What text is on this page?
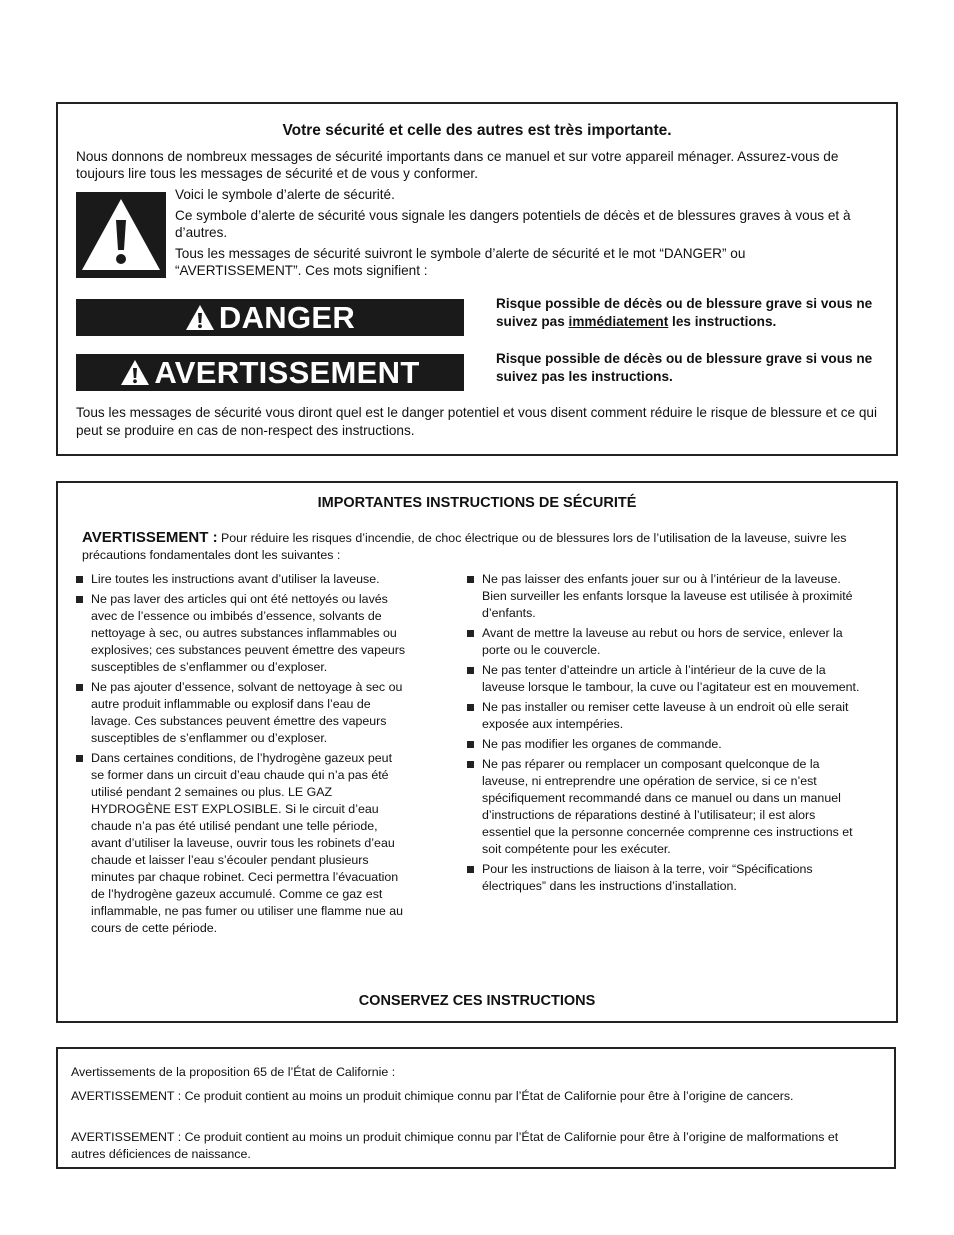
Votre sécurité et celle des autres est très importante.
Nous donnons de nombreux messages de sécurité importants dans ce manuel et sur votre appareil ménager. Assurez-vous de toujours lire tous les messages de sécurité et de vous y conformer.
Voici le symbole d’alerte de sécurité.
Ce symbole d’alerte de sécurité vous signale les dangers potentiels de décès et de blessures graves à vous et à d’autres.
Tous les messages de sécurité suivront le symbole d’alerte de sécurité et le mot “DANGER” ou “AVERTISSEMENT”. Ces mots signifient :
DANGER	Risque possible de décès ou de blessure grave si vous ne suivez pas immédiatement les instructions.
AVERTISSEMENT	Risque possible de décès ou de blessure grave si vous ne suivez pas les instructions.
Tous les messages de sécurité vous diront quel est le danger potentiel et vous disent comment réduire le risque de blessure et ce qui peut se produire en cas de non-respect des instructions.
IMPORTANTES INSTRUCTIONS DE SÉCURITÉ
AVERTISSEMENT : Pour réduire les risques d’incendie, de choc électrique ou de blessures lors de l’utilisation de la laveuse, suivre les précautions fondamentales dont les suivantes :
Lire toutes les instructions avant d’utiliser la laveuse.
Ne pas laver des articles qui ont été nettoyés ou lavés avec de l’essence ou imbibés d’essence, solvants de nettoyage à sec, ou autres substances inflammables ou explosives; ces substances peuvent émettre des vapeurs susceptibles de s’enflammer ou d’exploser.
Ne pas ajouter d’essence, solvant de nettoyage à sec ou autre produit inflammable ou explosif dans l’eau de lavage. Ces substances peuvent émettre des vapeurs susceptibles de s’enflammer ou d’exploser.
Dans certaines conditions, de l’hydrogène gazeux peut se former dans un circuit d’eau chaude qui n’a pas été utilisé pendant 2 semaines ou plus. LE GAZ HYDROGÈNE EST EXPLOSIBLE. Si le circuit d’eau chaude n’a pas été utilisé pendant une telle période, avant d’utiliser la laveuse, ouvrir tous les robinets d’eau chaude et laisser l’eau s’écouler pendant plusieurs minutes par chaque robinet. Ceci permettra l’évacuation de l’hydrogène gazeux accumulé. Comme ce gaz est inflammable, ne pas fumer ou utiliser une flamme nue au cours de cette période.
Ne pas laisser des enfants jouer sur ou à l’intérieur de la laveuse. Bien surveiller les enfants lorsque la laveuse est utilisée à proximité d’enfants.
Avant de mettre la laveuse au rebut ou hors de service, enlever la porte ou le couvercle.
Ne pas tenter d’atteindre un article à l’intérieur de la cuve de la laveuse lorsque le tambour, la cuve ou l’agitateur est en mouvement.
Ne pas installer ou remiser cette laveuse à un endroit où elle serait exposée aux intempéries.
Ne pas modifier les organes de commande.
Ne pas réparer ou remplacer un composant quelconque de la laveuse, ni entreprendre une opération de service, si ce n’est spécifiquement recommandé dans ce manuel ou dans un manuel d’instructions de réparations destiné à l’utilisateur; il est alors essentiel que la personne concernée comprenne ces instructions et soit compétente pour les exécuter.
Pour les instructions de liaison à la terre, voir “Spécifications électriques” dans les instructions d’installation.
CONSERVEZ CES INSTRUCTIONS
Avertissements de la proposition 65 de l’État de Californie :
AVERTISSEMENT : Ce produit contient au moins un produit chimique connu par l’État de Californie pour être à l’origine de cancers.
AVERTISSEMENT : Ce produit contient au moins un produit chimique connu par l’État de Californie pour être à l’origine de malformations et autres déficiences de naissance.
